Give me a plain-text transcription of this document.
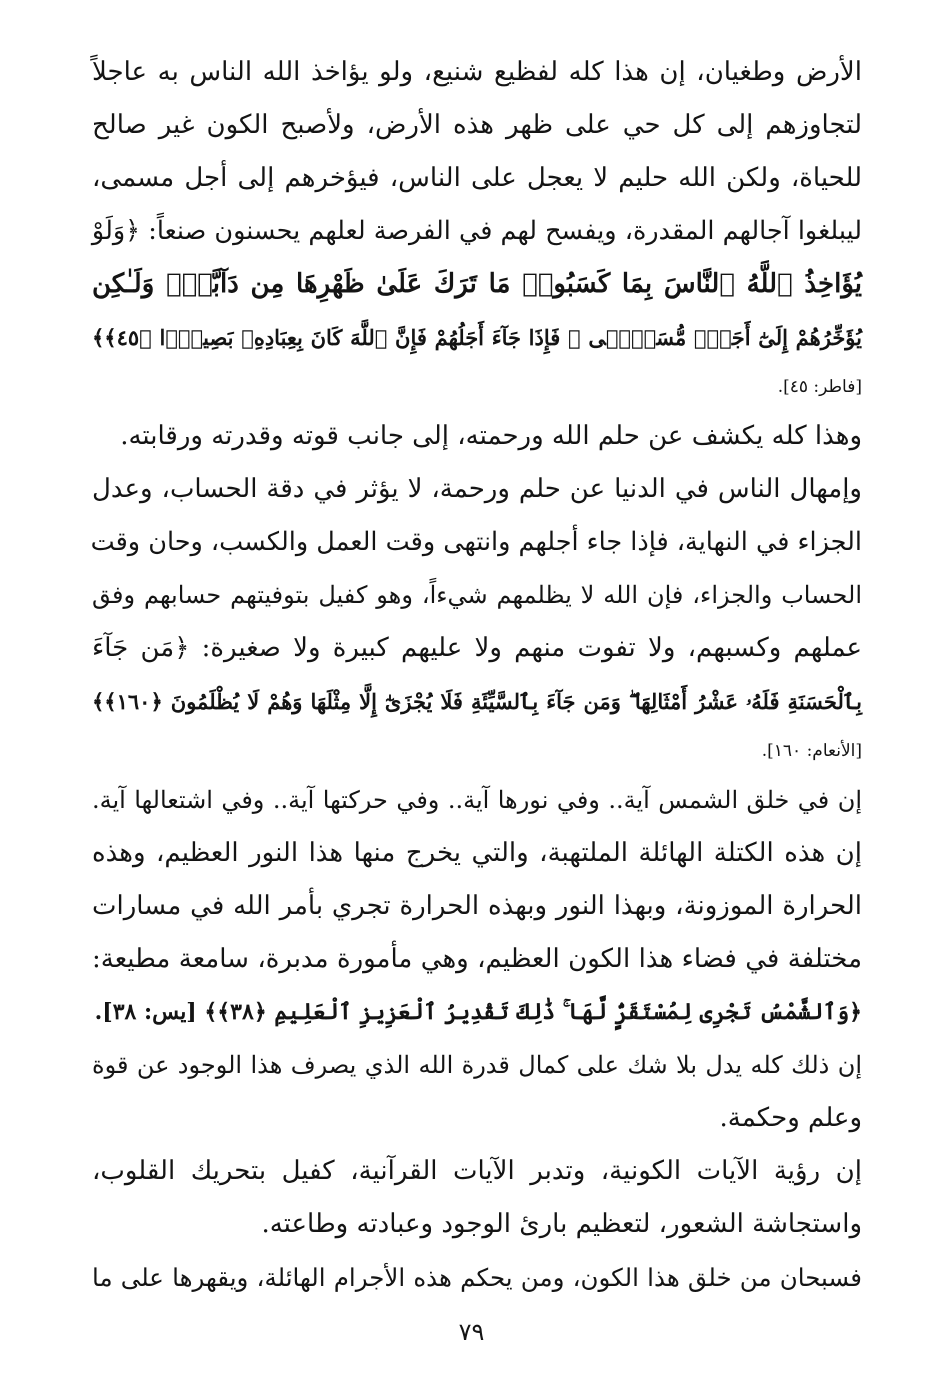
الأرض وطغيان، إن هذا كله لفظيع شنيع، ولو يؤاخذ الله الناس به عاجلاً
لتجاوزهم إلى كل حي على ظهر هذه الأرض، ولأصبح الكون غير صالح
للحياة، ولكن الله حليم لا يعجل على الناس، فيؤخرهم إلى أجل مسمى،
ليبلغوا آجالهم المقدرة، ويفسح لهم في الفرصة لعلهم يحسنون صنعاً: ﴿وَلَوْ
يُؤَاخِذُ ٱللَّهُ ٱلنَّاسَ بِمَا كَسَبُوا۟ مَا تَرَكَ عَلَىٰ ظَهْرِهَا مِن دَآبَّةٍۢ وَلَـٰكِن
يُؤَخِّرُهُمْ إِلَىٰٓ أَجَلٍۢ مُّسَمًّۭى ۖ فَإِذَا جَآءَ أَجَلُهُمْ فَإِنَّ ٱللَّهَ كَانَ بِعِبَادِهِۦ بَصِيرًۢا ﴿٤٥﴾﴾
[فاطر: ٤٥].
وهذا كله يكشف عن حلم الله ورحمته، إلى جانب قوته وقدرته ورقابته.
وإمهال الناس في الدنيا عن حلم ورحمة، لا يؤثر في دقة الحساب، وعدل
الجزاء في النهاية، فإذا جاء أجلهم وانتهى وقت العمل والكسب، وحان وقت
الحساب والجزاء، فإن الله لا يظلمهم شيءاً، وهو كفيل بتوفيتهم حسابهم وفق
عملهم وكسبهم، ولا تفوت منهم ولا عليهم كبيرة ولا صغيرة: ﴿مَن جَآءَ
بِٱلْحَسَنَةِ فَلَهُۥ عَشْرُ أَمْثَالِهَا ۖ وَمَن جَآءَ بِٱلسَّيِّئَةِ فَلَا يُجْزَىٰٓ إِلَّا مِثْلَهَا وَهُمْ لَا يُظْلَمُونَ ﴿١٦٠﴾﴾
[الأنعام: ١٦٠].
إن في خلق الشمس آية.. وفي نورها آية.. وفي حركتها آية.. وفي اشتعالها آية.
إن هذه الكتلة الهائلة الملتهبة، والتي يخرج منها هذا النور العظيم، وهذه
الحرارة الموزونة، وبهذا النور وبهذه الحرارة تجري بأمر الله في مسارات
مختلفة في فضاء هذا الكون العظيم، وهي مأمورة مدبرة، سامعة مطيعة:
﴿وَٱلشَّمْسُ تَجْرِى لِمُسْتَقَرٍّۢ لَّهَا ۚ ذَٰلِكَ تَقْدِيرُ ٱلْعَزِيزِ ٱلْعَلِيمِ ﴿٣٨﴾﴾ [يس: ٣٨].
إن ذلك كله يدل بلا شك على كمال قدرة الله الذي يصرف هذا الوجود عن قوة
وعلم وحكمة.
إن رؤية الآيات الكونية، وتدبر الآيات القرآنية، كفيل بتحريك القلوب،
واستجاشة الشعور، لتعظيم بارئ الوجود وعبادته وطاعته.
فسبحان من خلق هذا الكون، ومن يحكم هذه الأجرام الهائلة، ويقهرها على ما
٧٩
